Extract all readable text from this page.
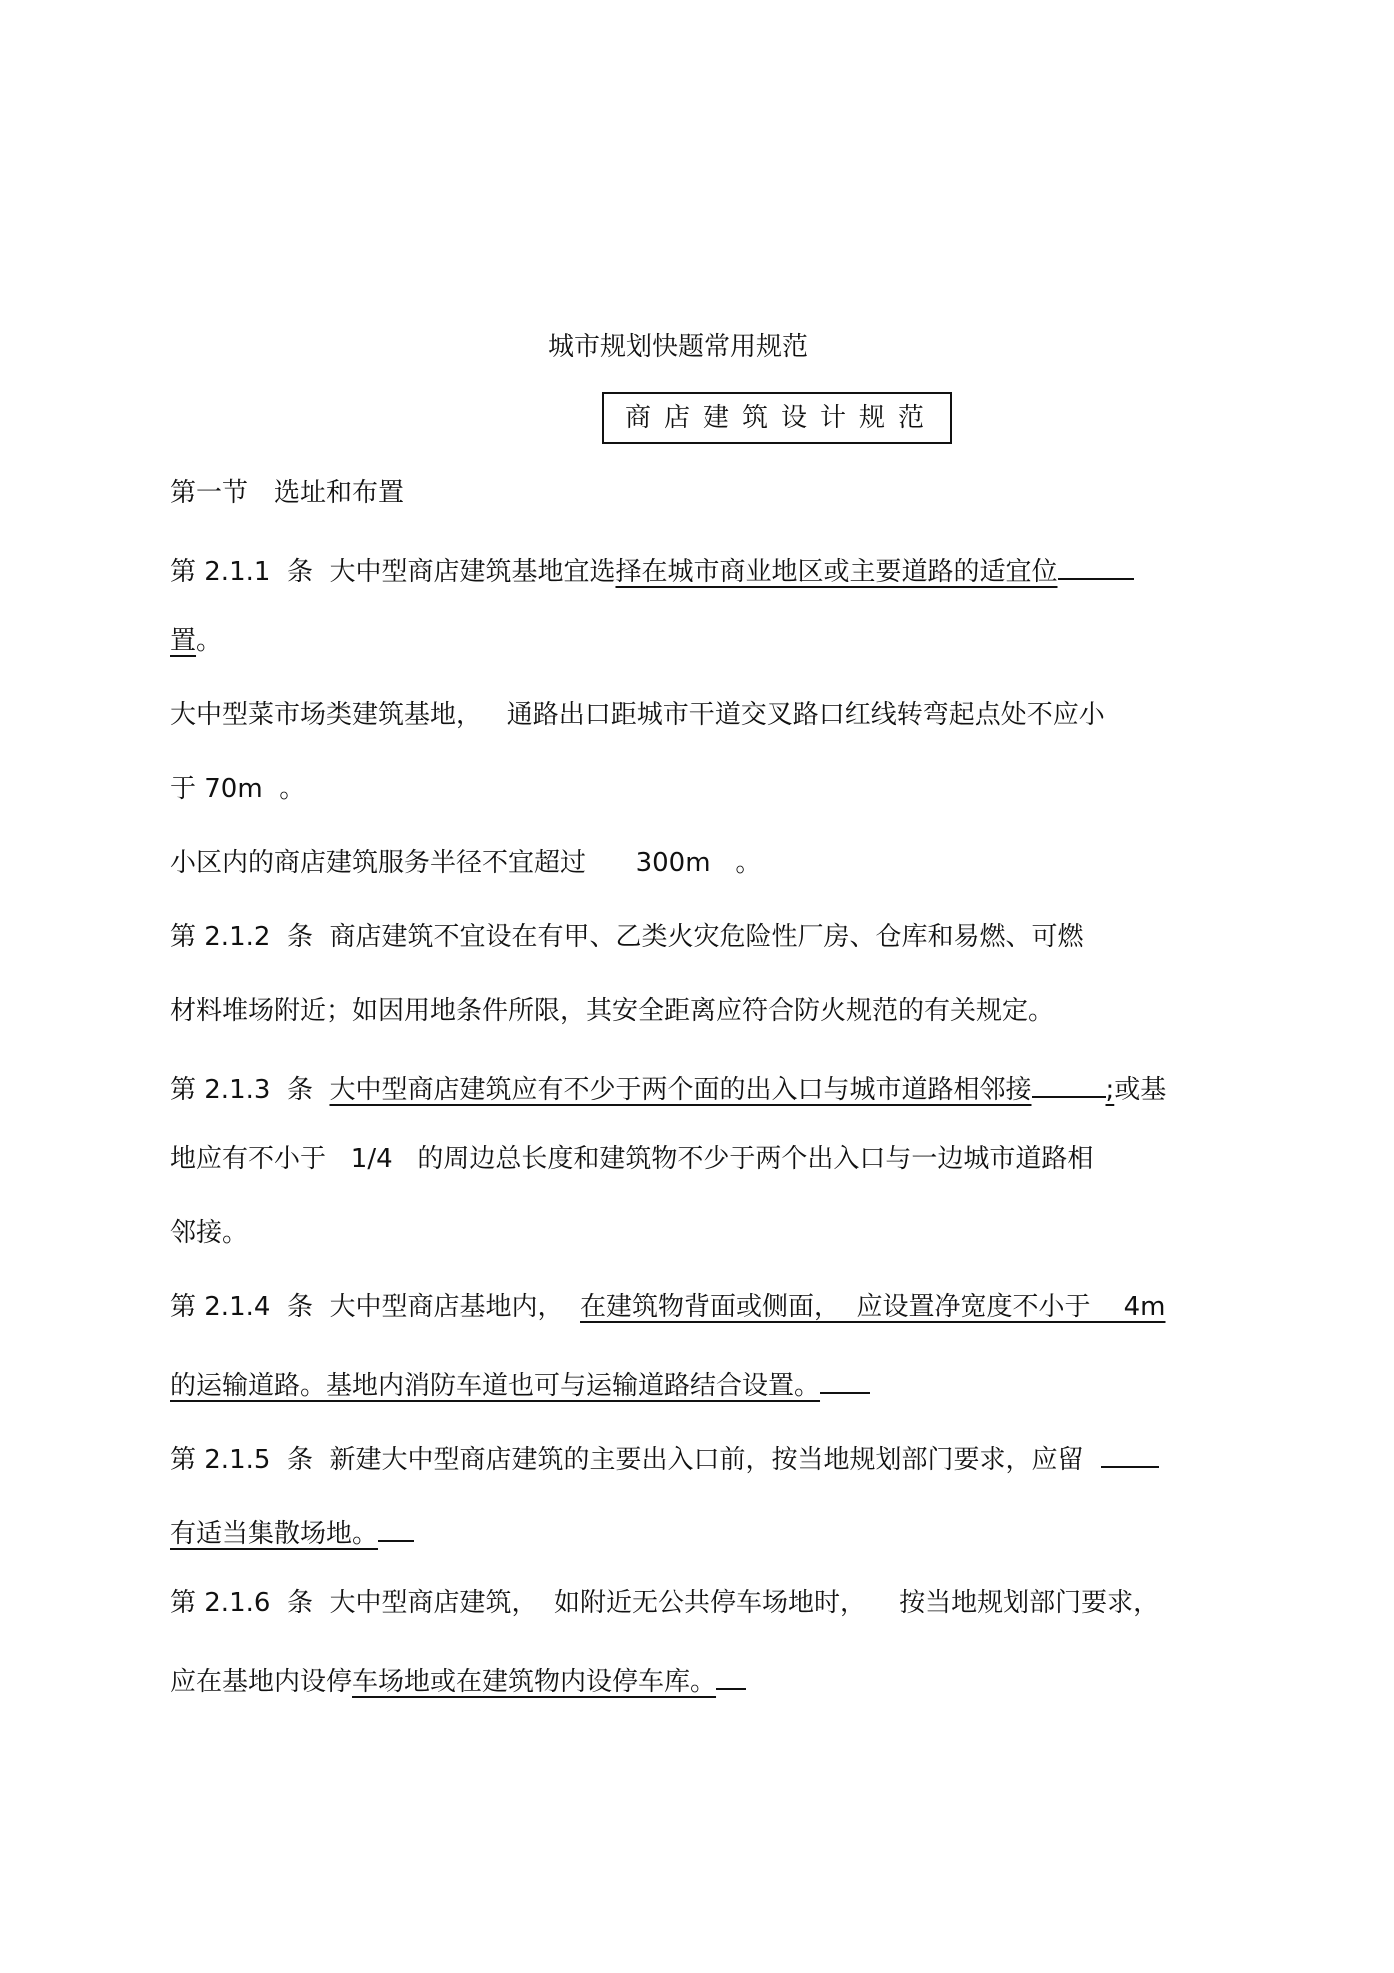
城市规划快题常用规范
商店建筑设计规范
第一节　选址和布置
第 2.1.1  条  大中型商店建筑基地宜选择在城市商业地区或主要道路的适宜位
置。
大中型菜市场类建筑基地，   通路出口距城市干道交叉路口红线转弯起点处不应小
于 70m  。
小区内的商店建筑服务半径不宜超过      300m   。
第 2.1.2  条  商店建筑不宜设在有甲、乙类火灾危险性厂房、仓库和易燃、可燃
材料堆场附近；如因用地条件所限，其安全距离应符合防火规范的有关规定。
第 2.1.3  条  大中型商店建筑应有不少于两个面的出入口与城市道路相邻接	;或基
地应有不小于   1/4   的周边总长度和建筑物不少于两个出入口与一边城市道路相
邻接。
第 2.1.4  条  大中型商店基地内，  在建筑物背面或侧面，  应设置净宽度不小于    4m
的运输道路。基地内消防车道也可与运输道路结合设置。
第 2.1.5  条  新建大中型商店建筑的主要出入口前，按当地规划部门要求，应留
有适当集散场地。
第 2.1.6  条  大中型商店建筑，  如附近无公共停车场地时，    按当地规划部门要求，
应在基地内设停车场地或在建筑物内设停车库。
